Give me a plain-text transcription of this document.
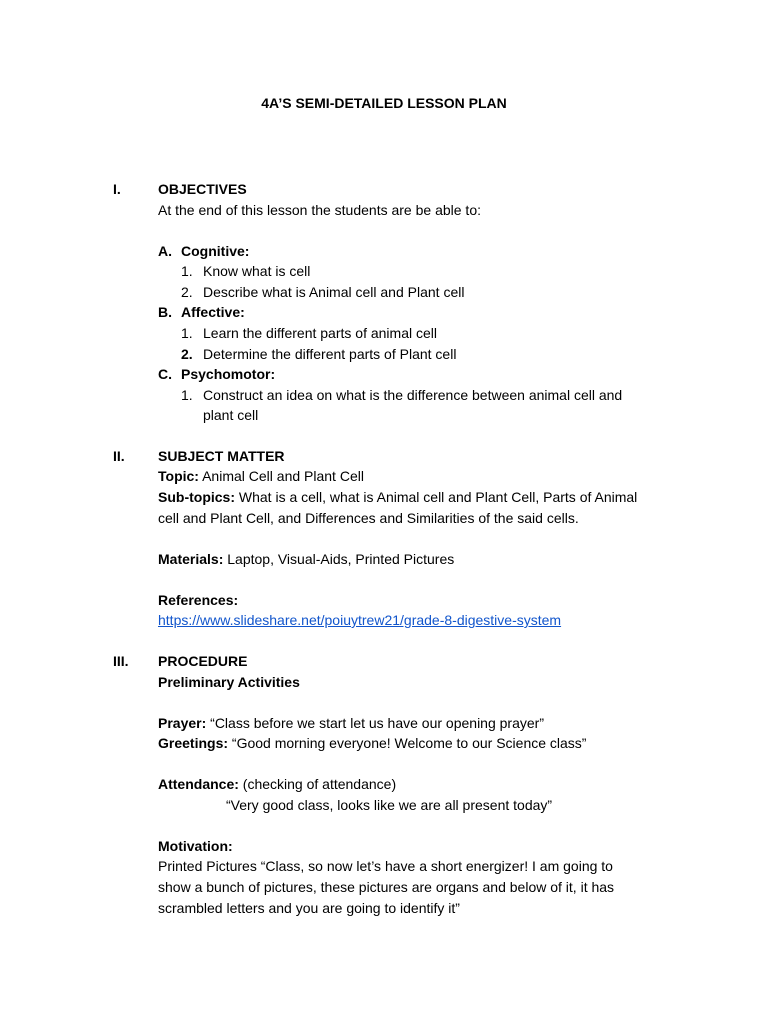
4A’S SEMI-DETAILED LESSON PLAN
I.	OBJECTIVES
At the end of this lesson the students are be able to:
A. Cognitive:
1. Know what is cell
2. Describe what is Animal cell and Plant cell
B. Affective:
1. Learn the different parts of animal cell
2. Determine the different parts of Plant cell
C. Psychomotor:
1. Construct an idea on what is the difference between animal cell and
plant cell
II. SUBJECT MATTER
Topic: Animal Cell and Plant Cell
Sub-topics: What is a cell, what is Animal cell and Plant Cell, Parts of Animal
cell and Plant Cell, and Differences and Similarities of the said cells.
Materials: Laptop, Visual-Aids, Printed Pictures
References:
https://www.slideshare.net/poiuytrew21/grade-8-digestive-system
III. PROCEDURE
Preliminary Activities
Prayer: “Class before we start let us have our opening prayer”
Greetings: “Good morning everyone! Welcome to our Science class”
Attendance: (checking of attendance)
“Very good class, looks like we are all present today”
Motivation:
Printed Pictures “Class, so now let’s have a short energizer! I am going to
show a bunch of pictures, these pictures are organs and below of it, it has
scrambled letters and you are going to identify it”
